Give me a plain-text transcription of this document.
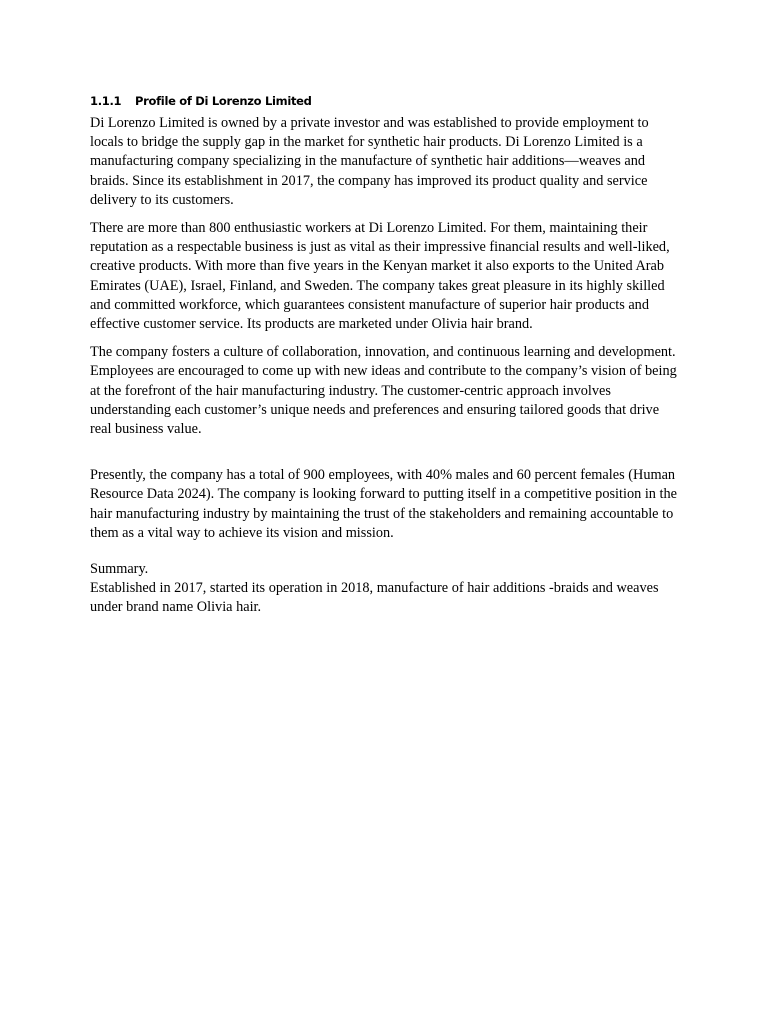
1.1.1	Profile of Di Lorenzo Limited

Di Lorenzo Limited is owned by a private investor and was established to provide employment to locals to bridge the supply gap in the market for synthetic hair products. Di Lorenzo Limited is a manufacturing company specializing in the manufacture of synthetic hair additions—weaves and braids. Since its establishment in 2017, the company has improved its product quality and service delivery to its customers.

There are more than 800 enthusiastic workers at Di Lorenzo Limited. For them, maintaining their reputation as a respectable business is just as vital as their impressive financial results and well-liked, creative products. With more than five years in the Kenyan market it also exports to the United Arab Emirates (UAE), Israel, Finland, and Sweden. The company takes great pleasure in its highly skilled and committed workforce, which guarantees consistent manufacture of superior hair products and effective customer service. Its products are marketed under Olivia hair brand.

The company fosters a culture of collaboration, innovation, and continuous learning and development. Employees are encouraged to come up with new ideas and contribute to the company’s vision of being at the forefront of the hair manufacturing industry. The customer-centric approach involves understanding each customer’s unique needs and preferences and ensuring tailored goods that drive real business value.

Presently, the company has a total of 900 employees, with 40% males and 60 percent females (Human Resource Data 2024). The company is looking forward to putting itself in a competitive position in the hair manufacturing industry by maintaining the trust of the stakeholders and remaining accountable to them as a vital way to achieve its vision and mission.

Summary.

Established in 2017, started its operation in 2018, manufacture of hair additions -braids and weaves under brand name Olivia hair.
